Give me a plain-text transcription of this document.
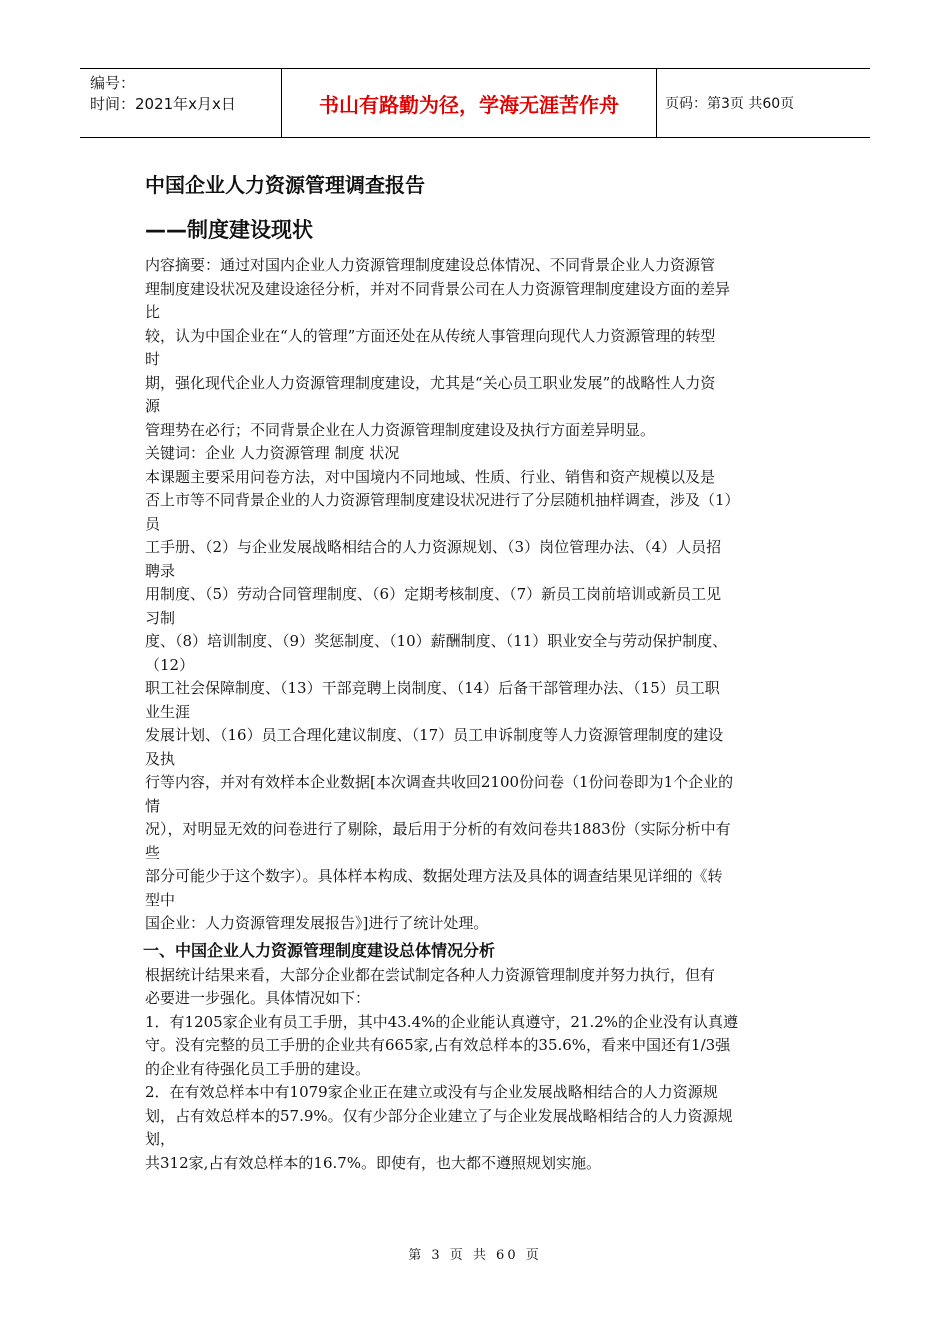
编号：
时间：2021年x月x日	书山有路勤为径，学海无涯苦作舟	页码：第3页 共60页
中国企业人力资源管理调查报告
——制度建设现状

内容摘要：通过对国内企业人力资源管理制度建设总体情况、不同背景企业人力资源管

理制度建设状况及建设途径分析，并对不同背景公司在人力资源管理制度建设方面的差异

比

较，认为中国企业在“人的管理”方面还处在从传统人事管理向现代人力资源管理的转型

时

期，强化现代企业人力资源管理制度建设，尤其是“关心员工职业发展”的战略性人力资

源

管理势在必行；不同背景企业在人力资源管理制度建设及执行方面差异明显。

关键词：企业 人力资源管理 制度 状况

本课题主要采用问卷方法，对中国境内不同地域、性质、行业、销售和资产规模以及是

否上市等不同背景企业的人力资源管理制度建设状况进行了分层随机抽样调查，涉及（1）

员

工手册、（2）与企业发展战略相结合的人力资源规划、（3）岗位管理办法、（4）人员招

聘录

用制度、（5）劳动合同管理制度、（6）定期考核制度、（7）新员工岗前培训或新员工见

习制

度、（8）培训制度、（9）奖惩制度、（10）薪酬制度、（11）职业安全与劳动保护制度、

（12）

职工社会保障制度、（13）干部竞聘上岗制度、（14）后备干部管理办法、（15）员工职

业生涯

发展计划、（16）员工合理化建议制度、（17）员工申诉制度等人力资源管理制度的建设

及执

行等内容，并对有效样本企业数据[本次调查共收回2100份问卷（1份问卷即为1个企业的

情

况），对明显无效的问卷进行了剔除，最后用于分析的有效问卷共1883份（实际分析中有

些

部分可能少于这个数字）。具体样本构成、数据处理方法及具体的调查结果见详细的《转

型中

国企业：人力资源管理发展报告》]进行了统计处理。

一、中国企业人力资源管理制度建设总体情况分析

根据统计结果来看，大部分企业都在尝试制定各种人力资源管理制度并努力执行，但有

必要进一步强化。具体情况如下：

1．有1205家企业有员工手册，其中43.4%的企业能认真遵守，21.2%的企业没有认真遵

守。没有完整的员工手册的企业共有665家,占有效总样本的35.6%，看来中国还有1/3强

的企业有待强化员工手册的建设。

2．在有效总样本中有1079家企业正在建立或没有与企业发展战略相结合的人力资源规

划，占有效总样本的57.9%。仅有少部分企业建立了与企业发展战略相结合的人力资源规

划，

共312家,占有效总样本的16.7%。即使有，也大都不遵照规划实施。

第 3 页 共 60 页
